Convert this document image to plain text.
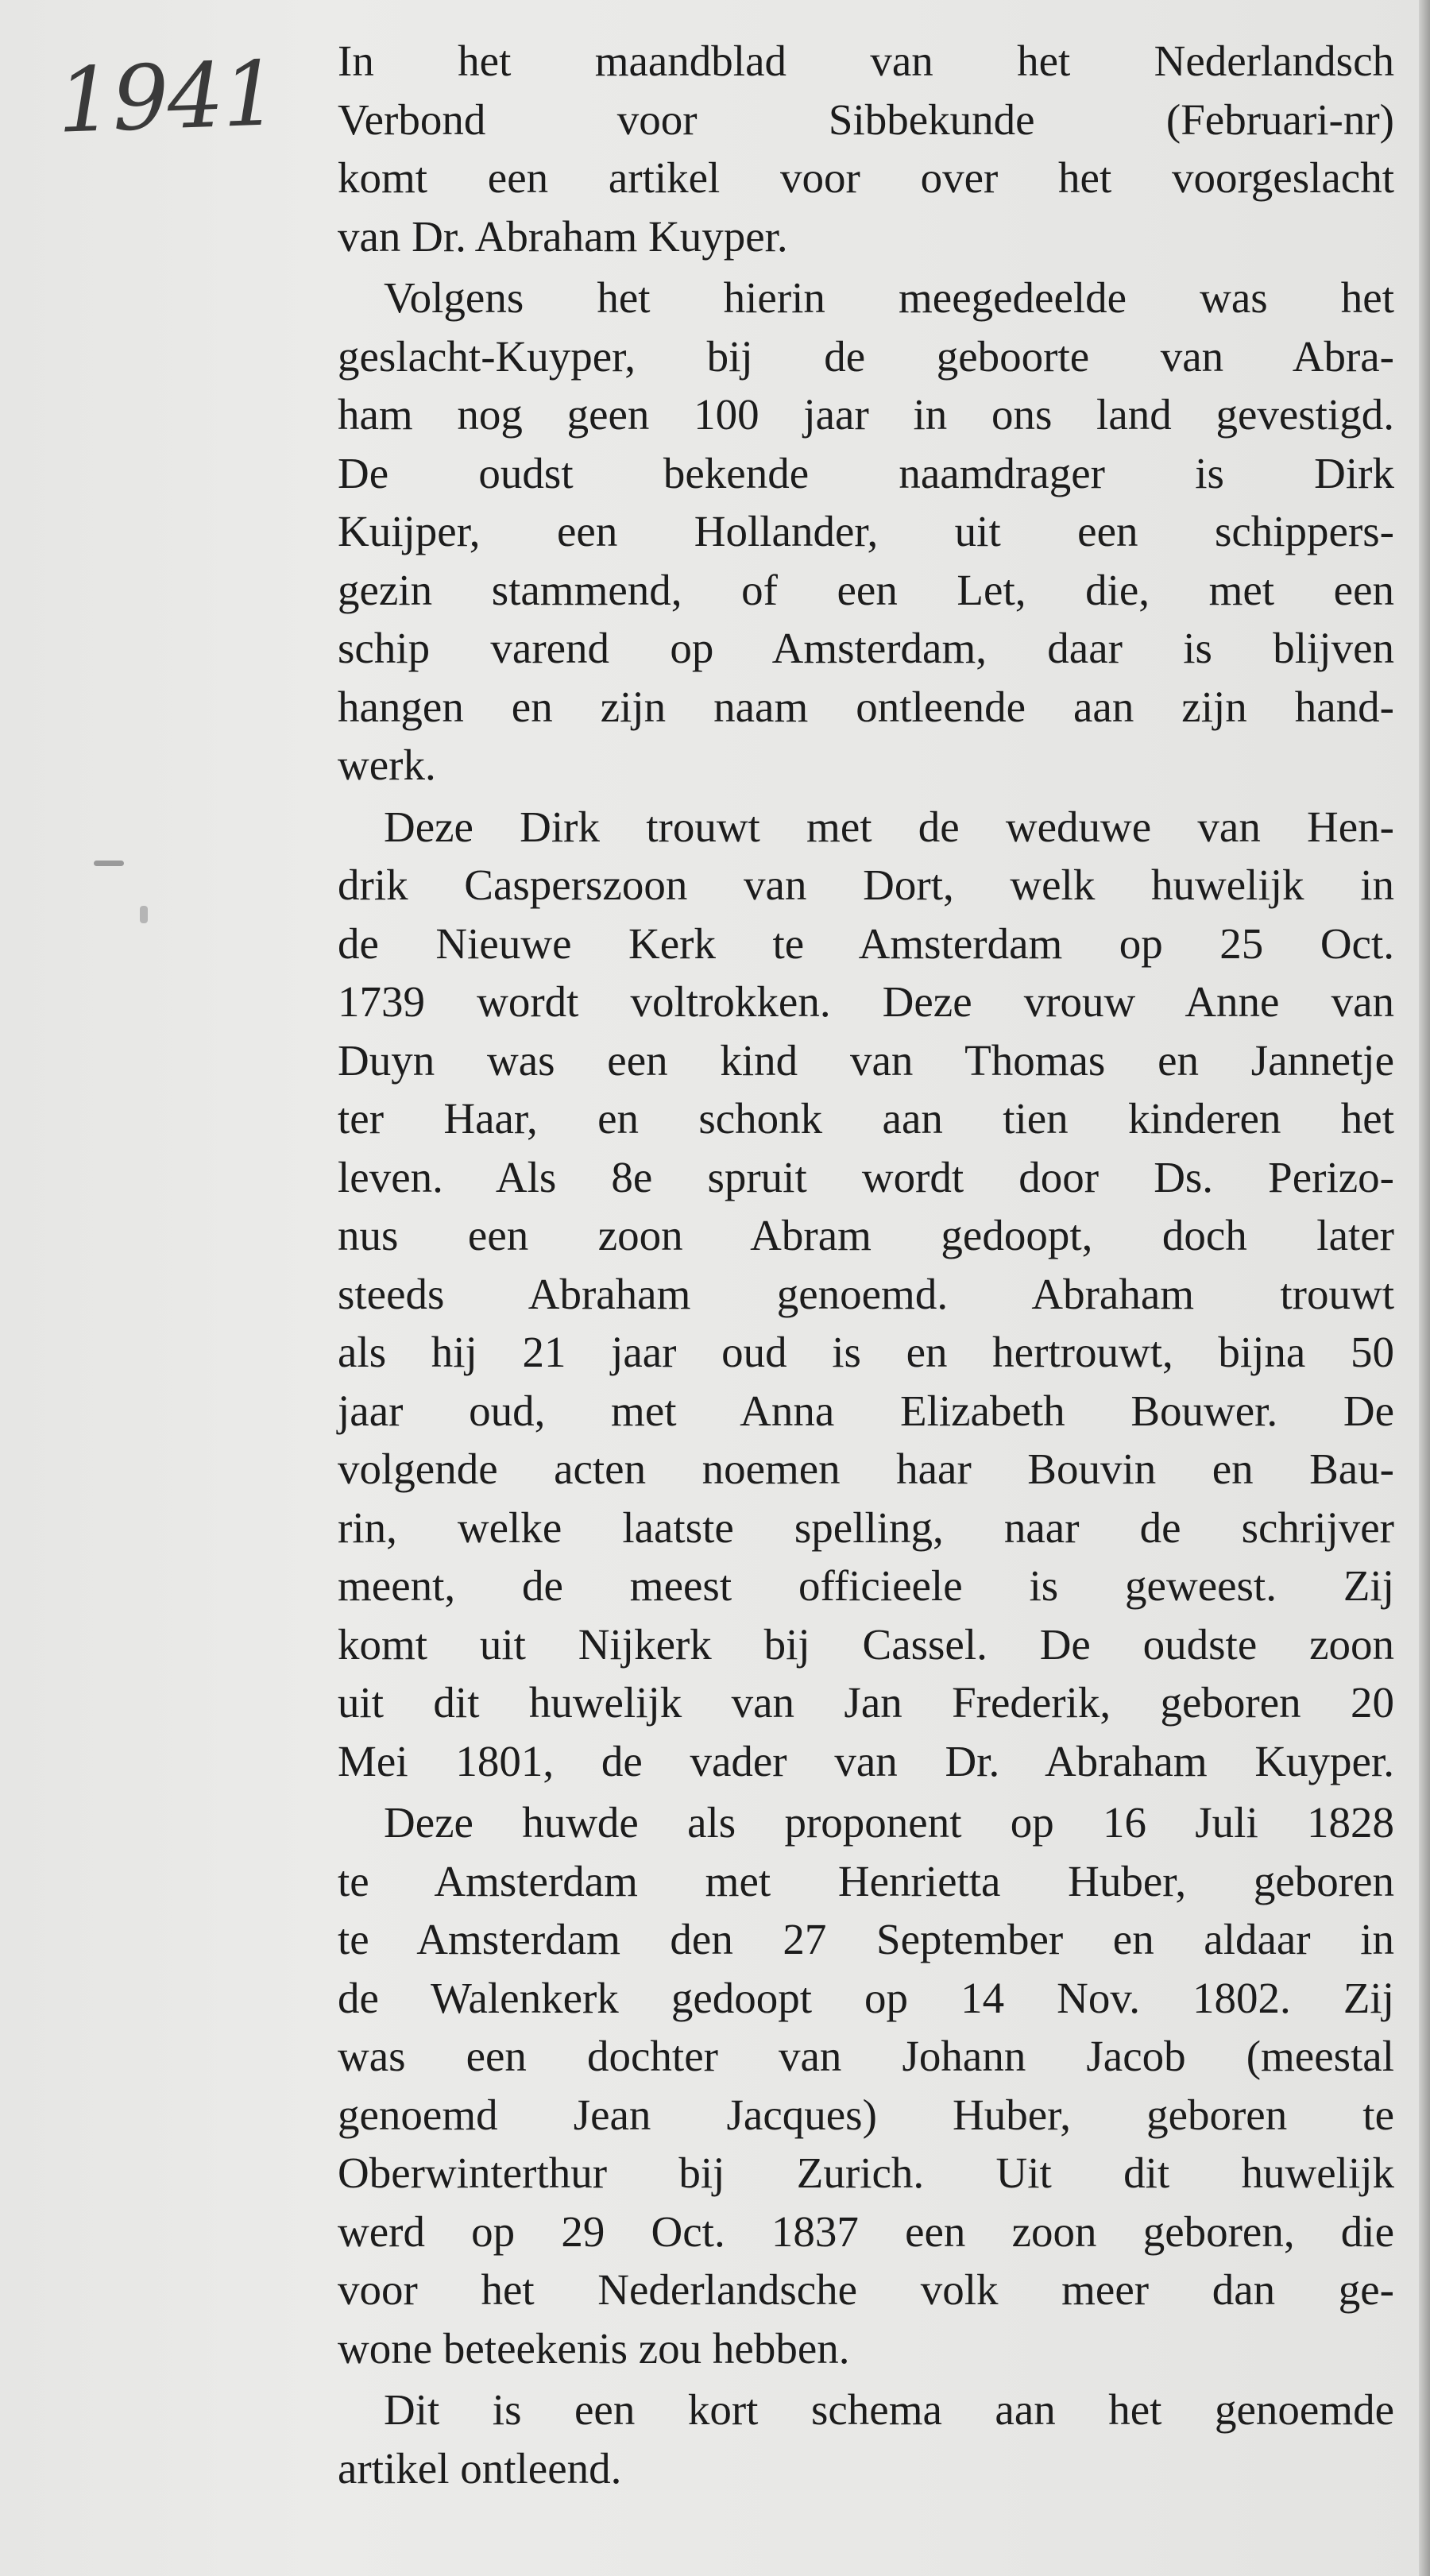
1941 In het maandblad van het Nederlandsch
Verbond voor Sibbekunde (Februari-nr)
komt een artikel voor over het voorgeslacht
van Dr. Abraham Kuyper.

Volgens het hierin meegedeelde was het
geslacht-Kuyper, bij de geboorte van Abra-
ham nog geen 100 jaar in ons land gevestigd.
De oudst bekende naamdrager is Dirk
Kuijper, een Hollander, uit een schippers-
gezin stammend, of een Let, die, met een
schip varend op Amsterdam, daar is blijven
hangen en zijn naam ontleende aan zijn hand-
werk.

Deze Dirk trouwt met de weduwe van Hen-
drik Casperszoon van Dort, welk huwelijk in
de Nieuwe Kerk te Amsterdam op 25 Oct.
1739 wordt voltrokken. Deze vrouw Anne van
Duyn was een kind van Thomas en Jannetje
ter Haar, en schonk aan tien kinderen het
leven. Als 8e spruit wordt door Ds. Perizo-
nus een zoon Abram gedoopt, doch later
steeds Abraham genoemd. Abraham trouwt
als hij 21 jaar oud is en hertrouwt, bijna 50
jaar oud, met Anna Elizabeth Bouwer. De
volgende acten noemen haar Bouvin en Bau-
rin, welke laatste spelling, naar de schrijver
meent, de meest officieele is geweest. Zij
komt uit Nijkerk bij Cassel. De oudste zoon
uit dit huwelijk van Jan Frederik, geboren 20
Mei 1801, de vader van Dr. Abraham Kuyper.

Deze huwde als proponent op 16 Juli 1828
te Amsterdam met Henrietta Huber, geboren
te Amsterdam den 27 September en aldaar in
de Walenkerk gedoopt op 14 Nov. 1802. Zij
was een dochter van Johann Jacob (meestal
genoemd Jean Jacques) Huber, geboren te
Oberwinterthur bij Zurich. Uit dit huwelijk
werd op 29 Oct. 1837 een zoon geboren, die
voor het Nederlandsche volk meer dan ge-
wone beteekenis zou hebben.

Dit is een kort schema aan het genoemde
artikel ontleend.
